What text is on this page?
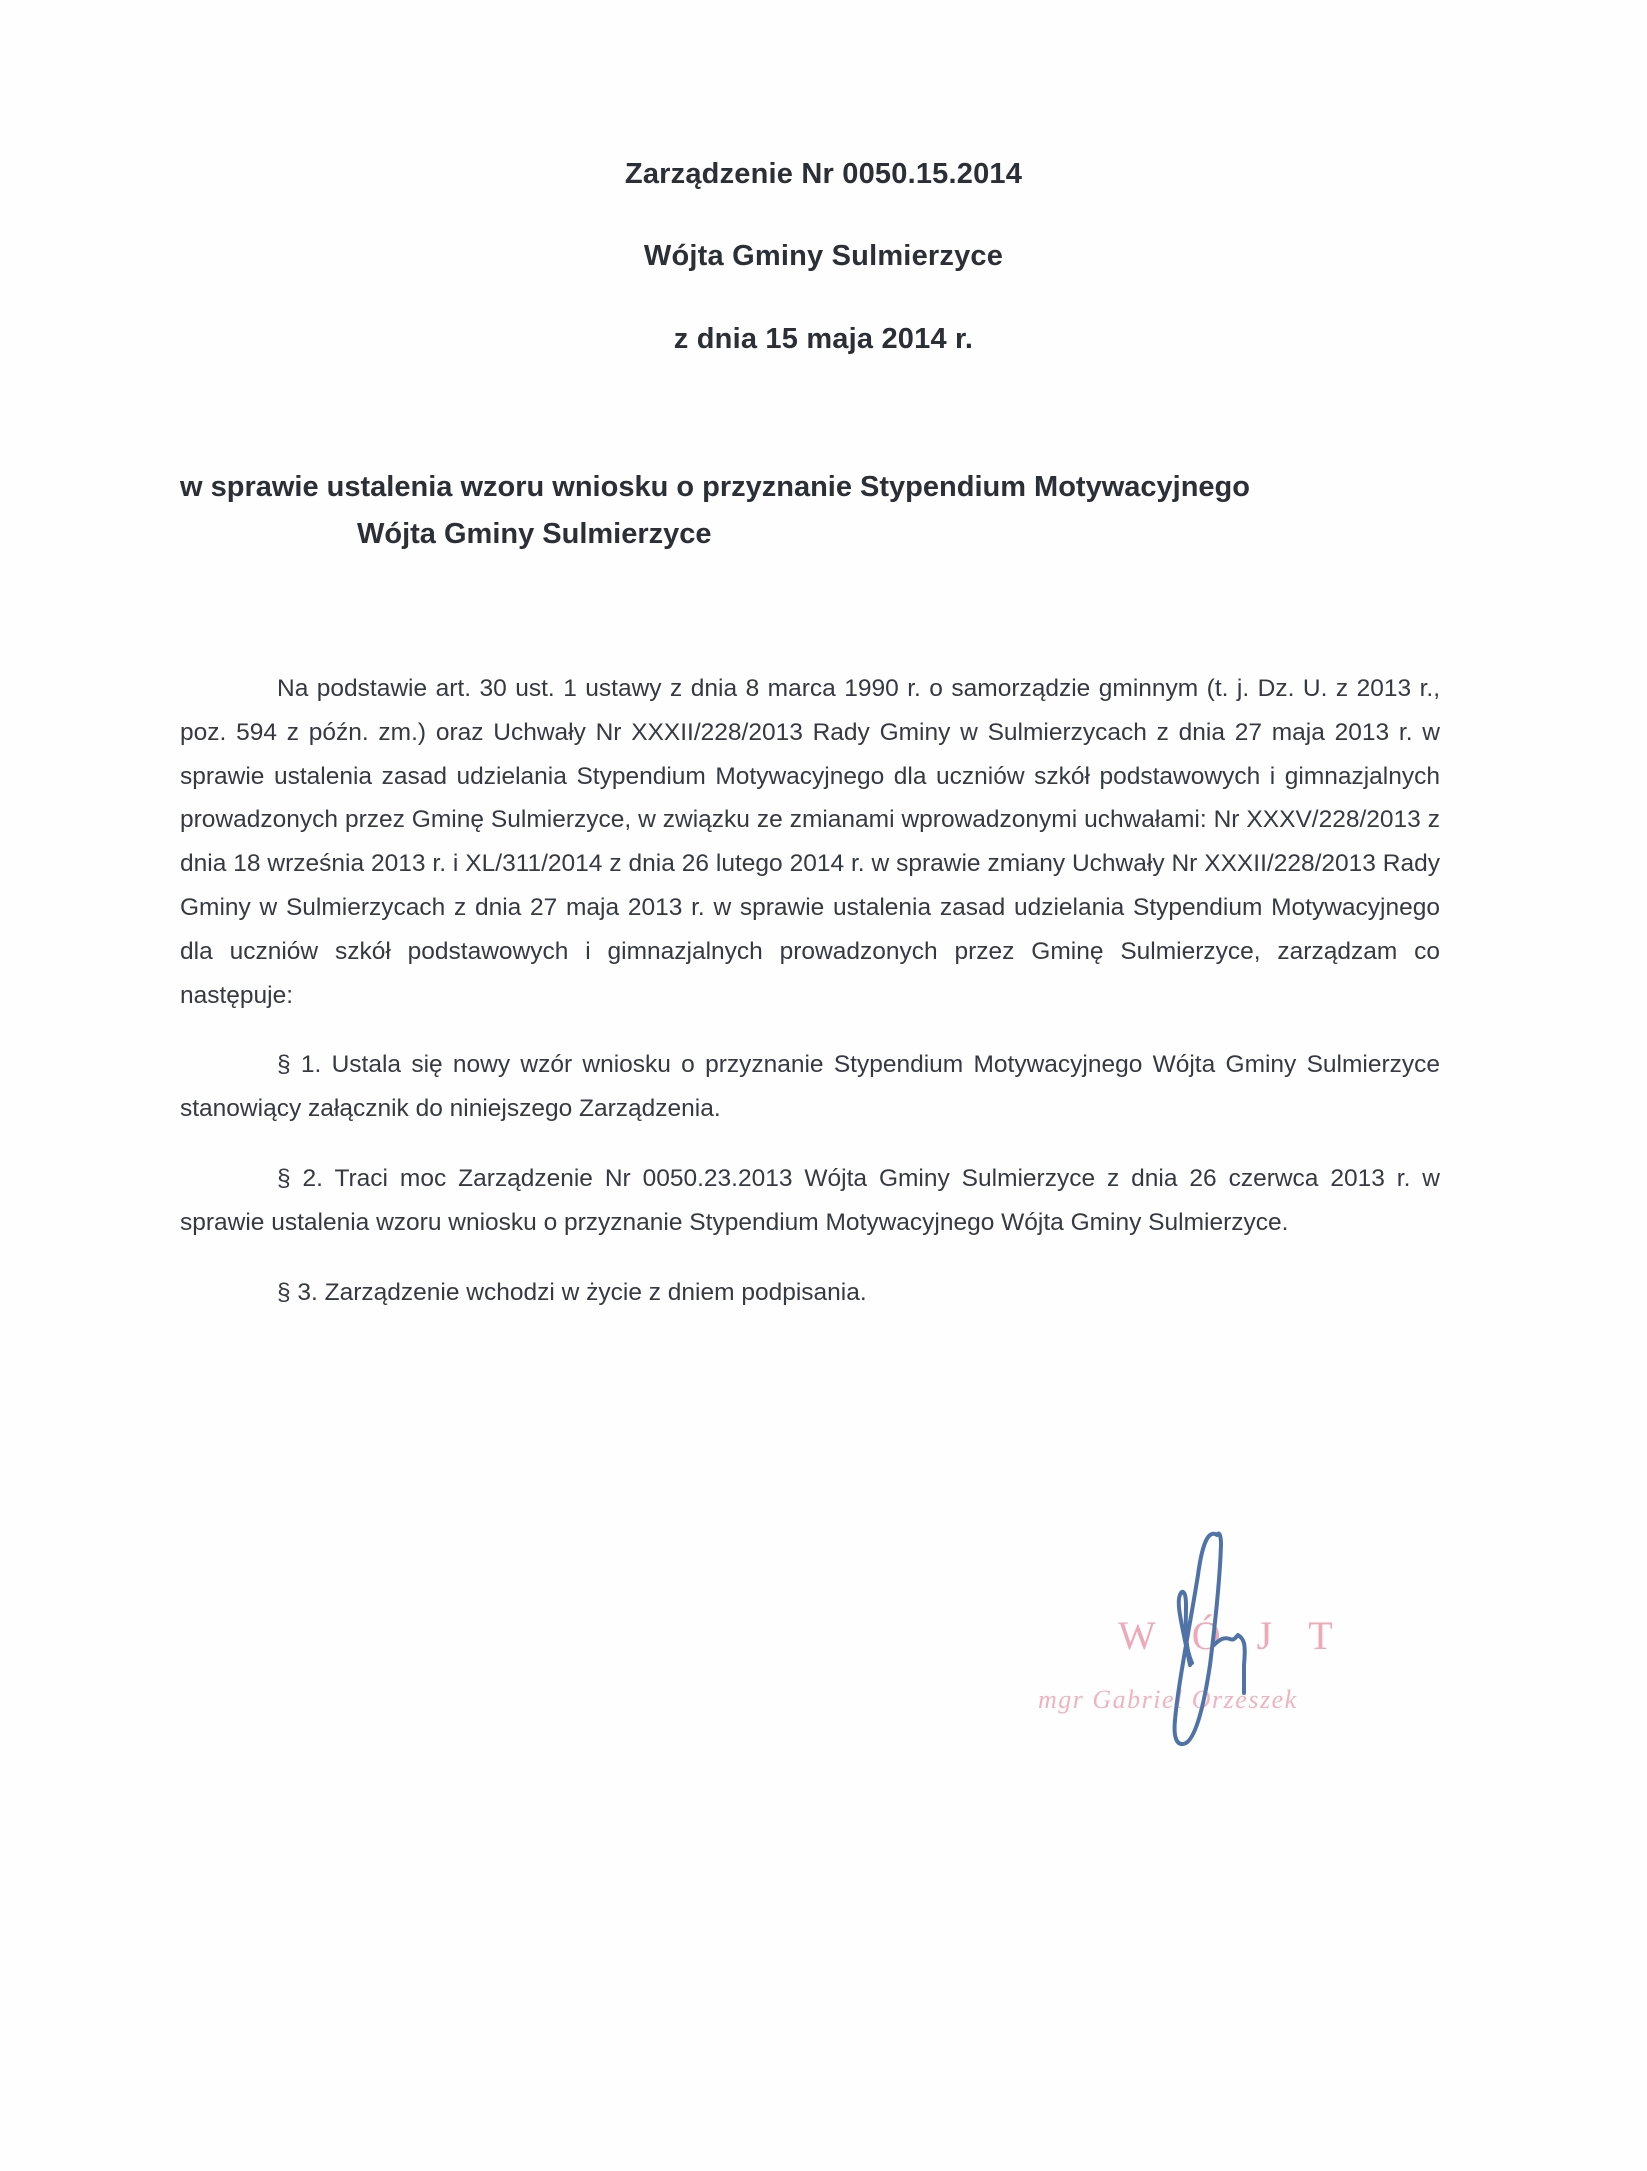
Zarządzenie Nr 0050.15.2014
Wójta Gminy Sulmierzyce
z dnia 15 maja 2014 r.
w sprawie ustalenia wzoru wniosku o przyznanie Stypendium Motywacyjnego
Wójta Gminy Sulmierzyce

Na podstawie art. 30 ust. 1 ustawy z dnia 8 marca 1990 r. o samorządzie gminnym (t. j. Dz. U. z 2013 r., poz. 594 z późn. zm.) oraz Uchwały Nr XXXII/228/2013 Rady Gminy w Sulmierzycach z dnia 27 maja 2013 r. w sprawie ustalenia zasad udzielania Stypendium Motywacyjnego dla uczniów szkół podstawowych i gimnazjalnych prowadzonych przez Gminę Sulmierzyce, w związku ze zmianami wprowadzonymi uchwałami: Nr XXXV/228/2013 z dnia 18 września 2013 r. i XL/311/2014 z dnia 26 lutego 2014 r. w sprawie zmiany Uchwały Nr XXXII/228/2013 Rady Gminy w Sulmierzycach z dnia 27 maja 2013 r. w sprawie ustalenia zasad udzielania Stypendium Motywacyjnego dla uczniów szkół podstawowych i gimnazjalnych prowadzonych przez Gminę Sulmierzyce, zarządzam co następuje:

§ 1. Ustala się nowy wzór wniosku o przyznanie Stypendium Motywacyjnego Wójta Gminy Sulmierzyce stanowiący załącznik do niniejszego Zarządzenia.

§ 2. Traci moc Zarządzenie Nr 0050.23.2013 Wójta Gminy Sulmierzyce z dnia 26 czerwca 2013 r. w sprawie ustalenia wzoru wniosku o przyznanie Stypendium Motywacyjnego Wójta Gminy Sulmierzyce.

§ 3. Zarządzenie wchodzi w życie z dniem podpisania.

WÓJT
mgr Gabriel Orzeszek
